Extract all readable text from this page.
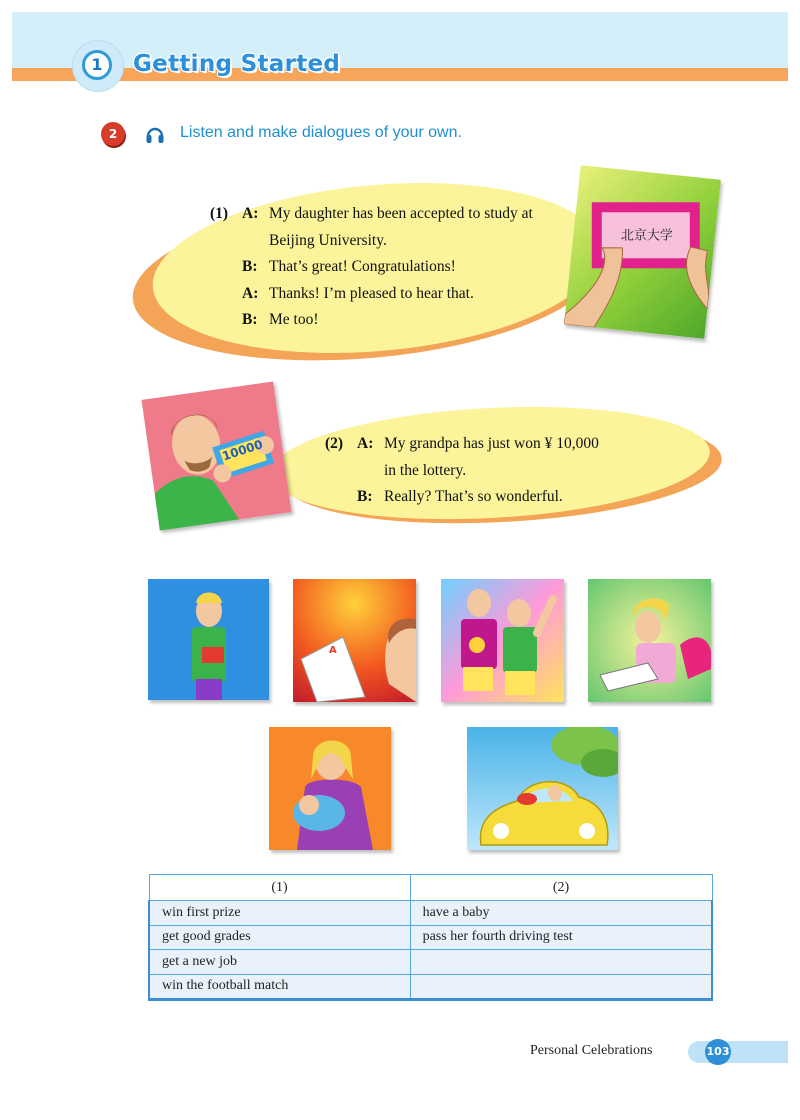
1	Getting Started
2	Listen and make dialogues of your own.
(1) A: My daughter has been accepted to study at
Beijing University.
B: That’s great! Congratulations!
A: Thanks! I’m pleased to hear that.
B: Me too!
北京大学
(2) A: My grandpa has just won ¥ 10,000
in the lottery.
B: Really? That’s so wonderful.
10000
A
(1)	(2)
win first prize	have a baby
get good grades	pass her fourth driving test
get a new job	
win the football match	
Personal Celebrations	103
